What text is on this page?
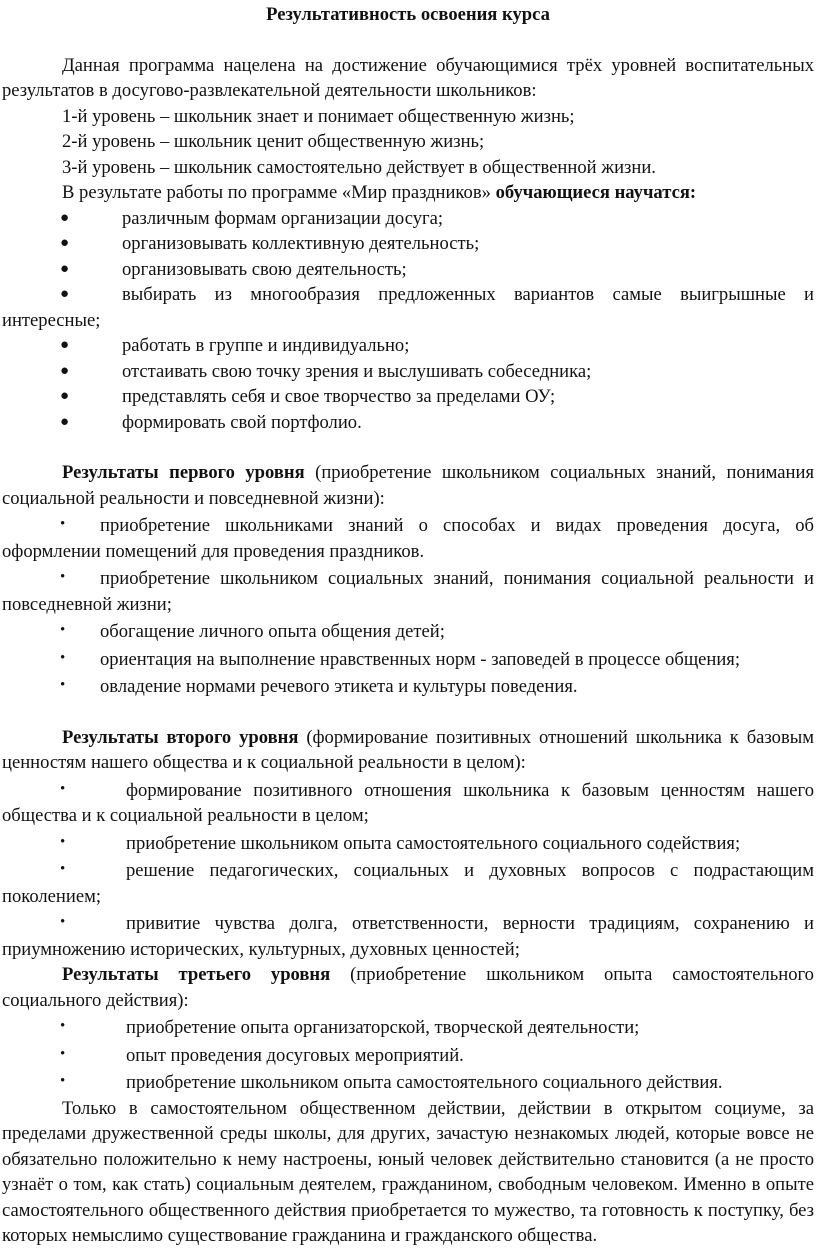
Результативность освоения курса

Данная программа нацелена на достижение обучающимися трёх уровней воспитательных результатов в досугово-развлекательной деятельности школьников:

1-й уровень – школьник знает и понимает общественную жизнь;

2-й уровень – школьник ценит общественную жизнь;

3-й уровень – школьник самостоятельно действует в общественной жизни.

В результате работы по программе «Мир праздников» обучающиеся научатся:

●	различным формам организации досуга;
●	организовывать коллективную деятельность;
●	организовывать свою деятельность;
●	выбирать из многообразия предложенных вариантов самые выигрышные и интересные;
●	работать в группе и индивидуально;
●	отстаивать свою точку зрения и выслушивать собеседника;
●	представлять себя и свое творчество за пределами ОУ;
●	формировать свой портфолио.

Результаты первого уровня (приобретение школьником социальных знаний, понимания социальной реальности и повседневной жизни):

• приобретение школьниками знаний о способах и видах проведения досуга, об оформлении помещений для проведения праздников.
• приобретение школьником социальных знаний, понимания социальной реальности и повседневной жизни;
• обогащение личного опыта общения детей;
• ориентация на выполнение нравственных норм - заповедей в процессе общения;
• овладение нормами речевого этикета и культуры поведения.

Результаты второго уровня (формирование позитивных отношений школьника к базовым ценностям нашего общества и к социальной реальности в целом):

•	формирование позитивного отношения школьника к базовым ценностям нашего общества и к социальной реальности в целом;
•	приобретение школьником опыта самостоятельного социального содействия;
•	решение педагогических, социальных и духовных вопросов с подрастающим поколением;
•	привитие чувства долга, ответственности, верности традициям, сохранению и приумножению исторических, культурных, духовных ценностей;

Результаты третьего уровня (приобретение школьником опыта самостоятельного социального действия):

•	приобретение опыта организаторской, творческой деятельности;
•	опыт проведения досуговых мероприятий.
•	приобретение школьником опыта самостоятельного социального действия.

Только в самостоятельном общественном действии, действии в открытом социуме, за пределами дружественной среды школы, для других, зачастую незнакомых людей, которые вовсе не обязательно положительно к нему настроены, юный человек действительно становится (а не просто узнаёт о том, как стать) социальным деятелем, гражданином, свободным человеком. Именно в опыте самостоятельного общественного действия приобретается то мужество, та готовность к поступку, без которых немыслимо существование гражданина и гражданского общества.
